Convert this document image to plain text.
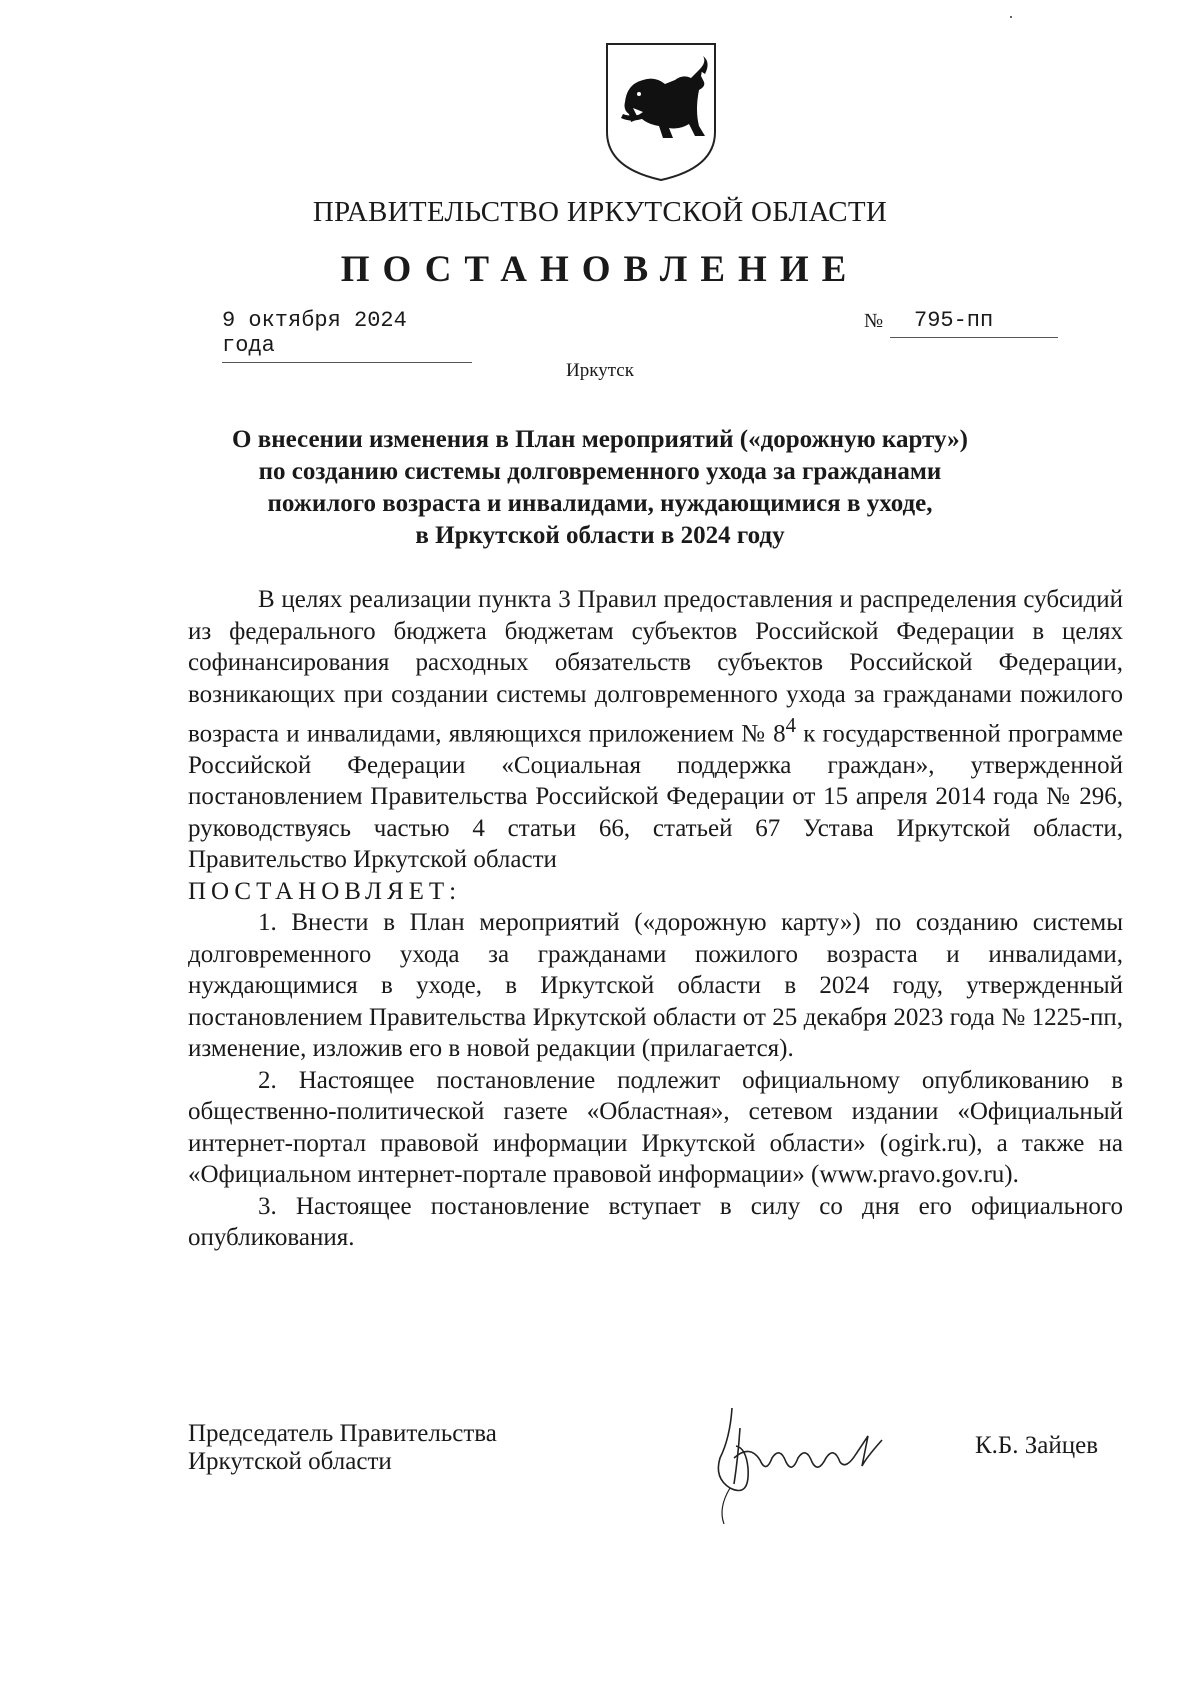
ПРАВИТЕЛЬСТВО ИРКУТСКОЙ ОБЛАСТИ
ПОСТАНОВЛЕНИЕ
9 октября 2024 года
№	795-пп
Иркутск
О внесении изменения в План мероприятий («дорожную карту»)
по созданию системы долговременного ухода за гражданами
пожилого возраста и инвалидами, нуждающимися в уходе,
в Иркутской области в 2024 году

В целях реализации пункта 3 Правил предоставления и распределения субсидий из федерального бюджета бюджетам субъектов Российской Федерации в целях софинансирования расходных обязательств субъектов Российской Федерации, возникающих при создании системы долговременного ухода за гражданами пожилого возраста и инвалидами, являющихся приложением № $8^4$ к государственной программе Российской Федерации «Социальная поддержка граждан», утвержденной постановлением Правительства Российской Федерации от 15 апреля 2014 года № 296, руководствуясь частью 4 статьи 66, статьей 67 Устава Иркутской области, Правительство Иркутской области

ПОСТАНОВЛЯЕТ:

1. Внести в План мероприятий («дорожную карту») по созданию системы долговременного ухода за гражданами пожилого возраста и инвалидами, нуждающимися в уходе, в Иркутской области в 2024 году, утвержденный постановлением Правительства Иркутской области от 25 декабря 2023 года № 1225-пп, изменение, изложив его в новой редакции (прилагается).

2. Настоящее постановление подлежит официальному опубликованию в общественно-политической газете «Областная», сетевом издании «Официальный интернет-портал правовой информации Иркутской области» (ogirk.ru), а также на «Официальном интернет-портале правовой информации» (www.pravo.gov.ru).

3. Настоящее постановление вступает в силу со дня его официального опубликования.

Председатель Правительства
Иркутской области
К.Б. Зайцев
